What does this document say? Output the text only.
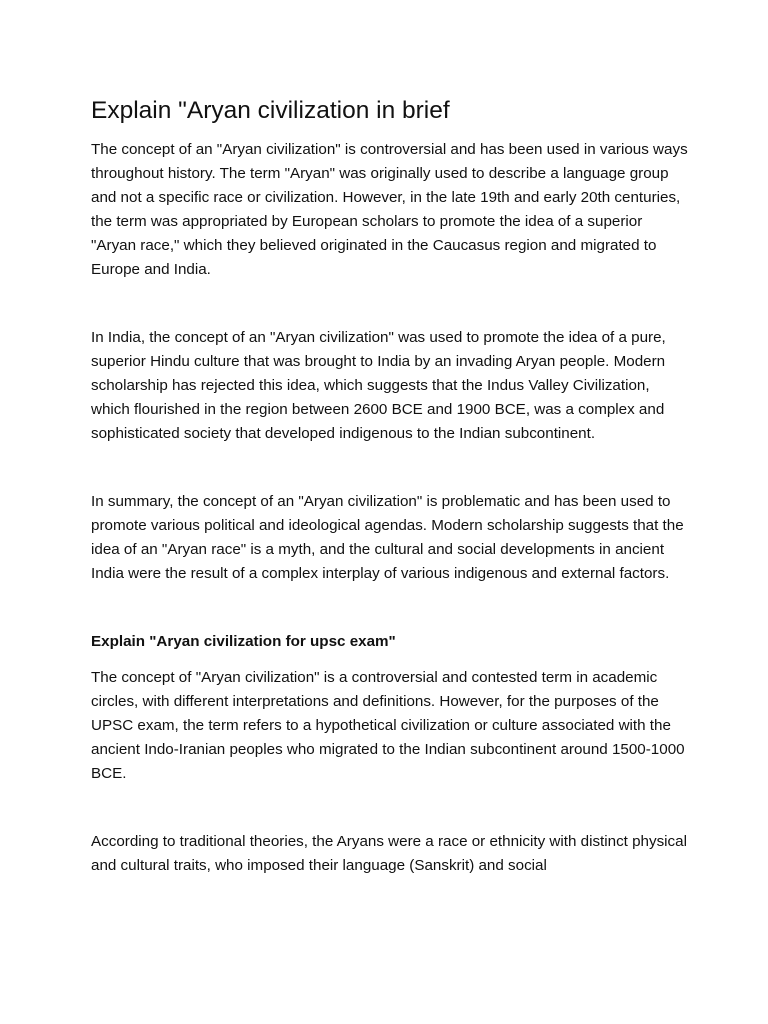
Explain "Aryan civilization in brief

The concept of an "Aryan civilization" is controversial and has been used in various ways throughout history. The term "Aryan" was originally used to describe a language group and not a specific race or civilization. However, in the late 19th and early 20th centuries, the term was appropriated by European scholars to promote the idea of a superior "Aryan race," which they believed originated in the Caucasus region and migrated to Europe and India.

In India, the concept of an "Aryan civilization" was used to promote the idea of a pure, superior Hindu culture that was brought to India by an invading Aryan people. Modern scholarship has rejected this idea, which suggests that the Indus Valley Civilization, which flourished in the region between 2600 BCE and 1900 BCE, was a complex and sophisticated society that developed indigenous to the Indian subcontinent.

In summary, the concept of an "Aryan civilization" is problematic and has been used to promote various political and ideological agendas. Modern scholarship suggests that the idea of an "Aryan race" is a myth, and the cultural and social developments in ancient India were the result of a complex interplay of various indigenous and external factors.

Explain "Aryan civilization for upsc exam"

The concept of "Aryan civilization" is a controversial and contested term in academic circles, with different interpretations and definitions. However, for the purposes of the UPSC exam, the term refers to a hypothetical civilization or culture associated with the ancient Indo-Iranian peoples who migrated to the Indian subcontinent around 1500-1000 BCE.

According to traditional theories, the Aryans were a race or ethnicity with distinct physical and cultural traits, who imposed their language (Sanskrit) and social
